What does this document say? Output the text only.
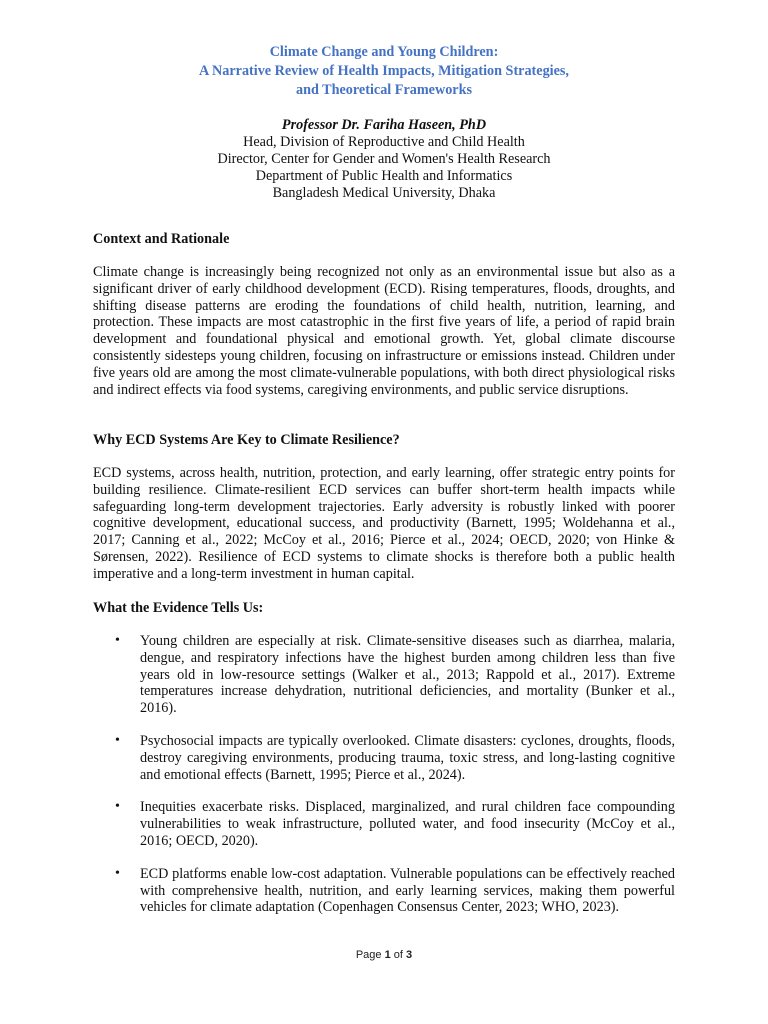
Climate Change and Young Children:
A Narrative Review of Health Impacts, Mitigation Strategies,
and Theoretical Frameworks
Professor Dr. Fariha Haseen, PhD
Head, Division of Reproductive and Child Health
Director, Center for Gender and Women's Health Research
Department of Public Health and Informatics
Bangladesh Medical University, Dhaka
Context and Rationale
Climate change is increasingly being recognized not only as an environmental issue but also as a significant driver of early childhood development (ECD). Rising temperatures, floods, droughts, and shifting disease patterns are eroding the foundations of child health, nutrition, learning, and protection. These impacts are most catastrophic in the first five years of life, a period of rapid brain development and foundational physical and emotional growth. Yet, global climate discourse consistently sidesteps young children, focusing on infrastructure or emissions instead. Children under five years old are among the most climate-vulnerable populations, with both direct physiological risks and indirect effects via food systems, caregiving environments, and public service disruptions.
Why ECD Systems Are Key to Climate Resilience?
ECD systems, across health, nutrition, protection, and early learning, offer strategic entry points for building resilience. Climate-resilient ECD services can buffer short-term health impacts while safeguarding long-term development trajectories. Early adversity is robustly linked with poorer cognitive development, educational success, and productivity (Barnett, 1995; Woldehanna et al., 2017; Canning et al., 2022; McCoy et al., 2016; Pierce et al., 2024; OECD, 2020; von Hinke & Sørensen, 2022). Resilience of ECD systems to climate shocks is therefore both a public health imperative and a long-term investment in human capital.
What the Evidence Tells Us:
• Young children are especially at risk. Climate-sensitive diseases such as diarrhea, malaria, dengue, and respiratory infections have the highest burden among children less than five years old in low-resource settings (Walker et al., 2013; Rappold et al., 2017). Extreme temperatures increase dehydration, nutritional deficiencies, and mortality (Bunker et al., 2016).
• Psychosocial impacts are typically overlooked. Climate disasters: cyclones, droughts, floods, destroy caregiving environments, producing trauma, toxic stress, and long-lasting cognitive and emotional effects (Barnett, 1995; Pierce et al., 2024).
• Inequities exacerbate risks. Displaced, marginalized, and rural children face compounding vulnerabilities to weak infrastructure, polluted water, and food insecurity (McCoy et al., 2016; OECD, 2020).
• ECD platforms enable low-cost adaptation. Vulnerable populations can be effectively reached with comprehensive health, nutrition, and early learning services, making them powerful vehicles for climate adaptation (Copenhagen Consensus Center, 2023; WHO, 2023).
Page 1 of 3
